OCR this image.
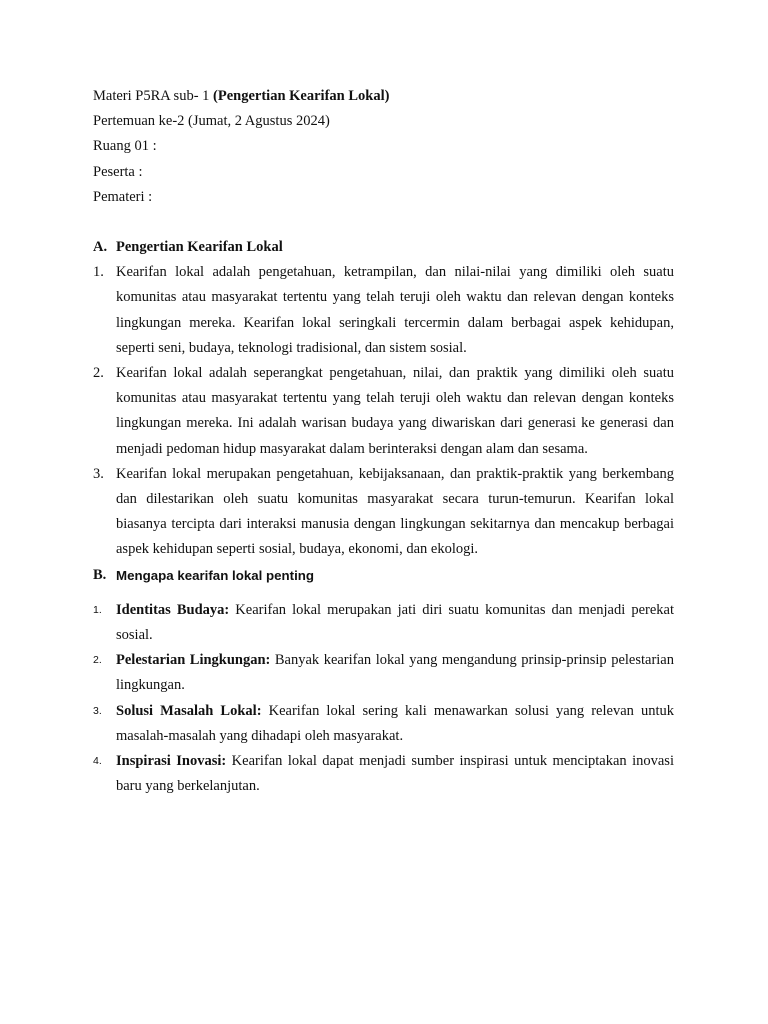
Materi P5RA sub- 1 (Pengertian Kearifan Lokal)
Pertemuan ke-2 (Jumat, 2 Agustus 2024)
Ruang 01 :
Peserta :
Pemateri :
A. Pengertian Kearifan Lokal
1. Kearifan lokal adalah pengetahuan, ketrampilan, dan nilai-nilai yang dimiliki oleh suatu komunitas atau masyarakat tertentu yang telah teruji oleh waktu dan relevan dengan konteks lingkungan mereka. Kearifan lokal seringkali tercermin dalam berbagai aspek kehidupan, seperti seni, budaya, teknologi tradisional, dan sistem sosial.
2. Kearifan lokal adalah seperangkat pengetahuan, nilai, dan praktik yang dimiliki oleh suatu komunitas atau masyarakat tertentu yang telah teruji oleh waktu dan relevan dengan konteks lingkungan mereka. Ini adalah warisan budaya yang diwariskan dari generasi ke generasi dan menjadi pedoman hidup masyarakat dalam berinteraksi dengan alam dan sesama.
3. Kearifan lokal merupakan pengetahuan, kebijaksanaan, dan praktik-praktik yang berkembang dan dilestarikan oleh suatu komunitas masyarakat secara turun-temurun. Kearifan lokal biasanya tercipta dari interaksi manusia dengan lingkungan sekitarnya dan mencakup berbagai aspek kehidupan seperti sosial, budaya, ekonomi, dan ekologi.
B. Mengapa kearifan lokal penting
1. Identitas Budaya: Kearifan lokal merupakan jati diri suatu komunitas dan menjadi perekat sosial.
2. Pelestarian Lingkungan: Banyak kearifan lokal yang mengandung prinsip-prinsip pelestarian lingkungan.
3. Solusi Masalah Lokal: Kearifan lokal sering kali menawarkan solusi yang relevan untuk masalah-masalah yang dihadapi oleh masyarakat.
4. Inspirasi Inovasi: Kearifan lokal dapat menjadi sumber inspirasi untuk menciptakan inovasi baru yang berkelanjutan.
